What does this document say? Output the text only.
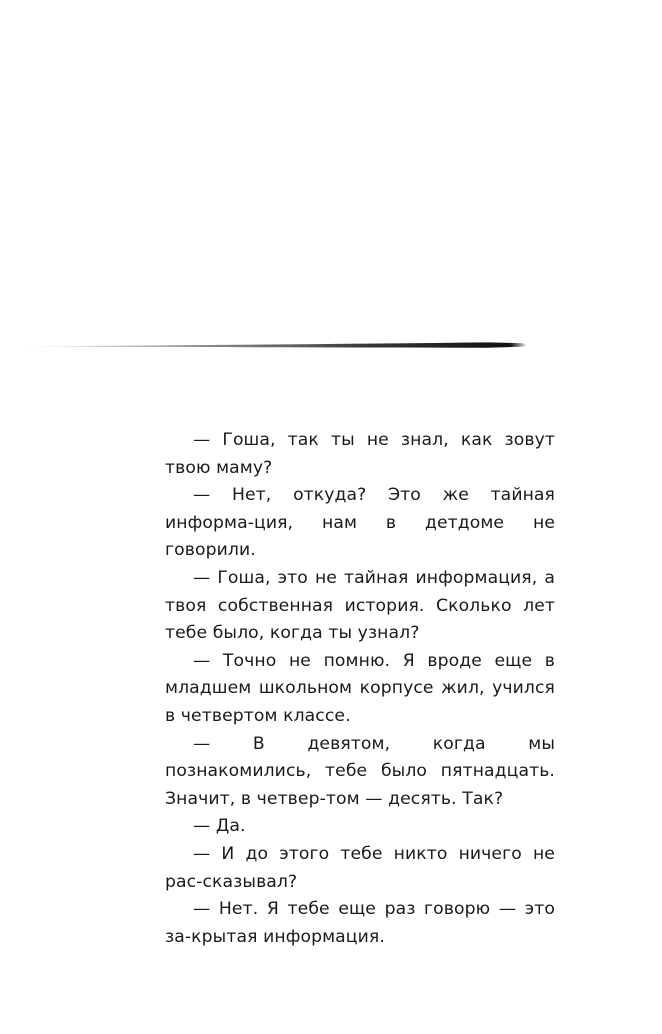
— Гоша, так ты не знал, как зовут твою маму?

— Нет, откуда? Это же тайная информа-ция, нам в детдоме не говорили.

— Гоша, это не тайная информация, а твоя собственная история. Сколько лет тебе было, когда ты узнал?

— Точно не помню. Я вроде еще в младшем школьном корпусе жил, учился в четвертом классе.

— В девятом, когда мы познакомились, тебе было пятнадцать. Значит, в четвер-том — десять. Так?

— Да.

— И до этого тебе никто ничего не рас-сказывал?

— Нет. Я тебе еще раз говорю — это за-крытая информация.
